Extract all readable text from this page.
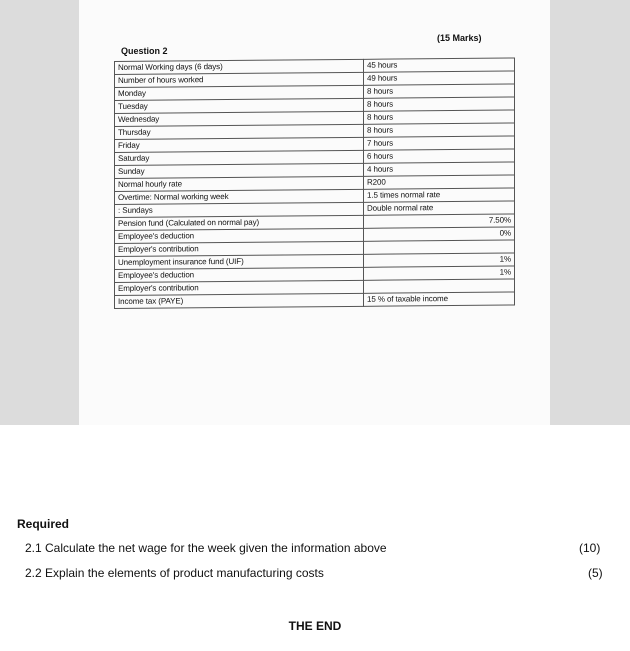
(15 Marks)
Question 2
Normal Working days (6 days)	45 hours
Number of hours worked	49 hours
Monday	8 hours
Tuesday	8 hours
Wednesday	8 hours
Thursday	8 hours
Friday	7 hours
Saturday	6 hours
Sunday	4 hours
Normal hourly rate	R200
Overtime: Normal working week	1.5 times normal rate
: Sundays	Double normal rate
Pension fund (Calculated on normal pay)	7.50%
Employee's deduction	0%
Employer's contribution	
Unemployment insurance fund (UIF)	1%
Employee's deduction	1%
Employer's contribution	
Income tax (PAYE)	15 % of taxable income
Required
2.1 Calculate the net wage for the week given the information above	(10)
2.2 Explain the elements of product manufacturing costs	(5)
THE END
